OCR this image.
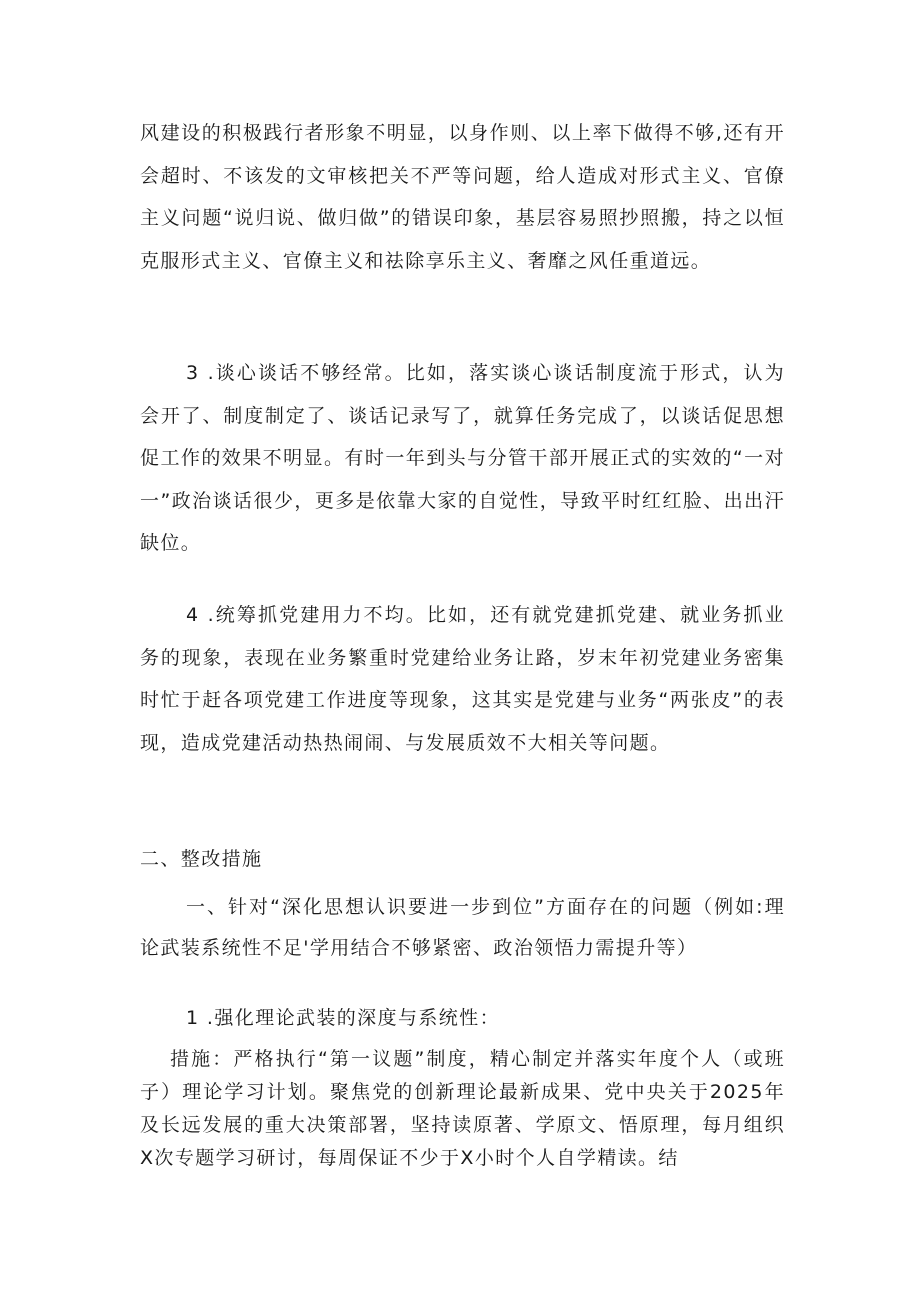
风建设的积极践行者形象不明显，以身作则、以上率下做得不够,还有开会超时、不该发的文审核把关不严等问题，给人造成对形式主义、官僚主义问题“说归说、做归做”的错误印象，基层容易照抄照搬，持之以恒克服形式主义、官僚主义和祛除享乐主义、奢靡之风任重道远。

3 .谈心谈话不够经常。比如，落实谈心谈话制度流于形式，认为会开了、制度制定了、谈话记录写了，就算任务完成了，以谈话促思想促工作的效果不明显。有时一年到头与分管干部开展正式的实效的“一对一”政治谈话很少，更多是依靠大家的自觉性，导致平时红红脸、出出汗缺位。

4 .统筹抓党建用力不均。比如，还有就党建抓党建、就业务抓业务的现象，表现在业务繁重时党建给业务让路，岁末年初党建业务密集时忙于赶各项党建工作进度等现象，这其实是党建与业务“两张皮”的表现，造成党建活动热热闹闹、与发展质效不大相关等问题。

二、整改措施

一、针对“深化思想认识要进一步到位”方面存在的问题（例如:理论武装系统性不足'学用结合不够紧密、政治领悟力需提升等）

1 .强化理论武装的深度与系统性：

措施：严格执行“第一议题”制度，精心制定并落实年度个人（或班子）理论学习计划。聚焦党的创新理论最新成果、党中央关于2025年及长远发展的重大决策部署，坚持读原著、学原文、悟原理，每月组织X次专题学习研讨，每周保证不少于X小时个人自学精读。结
